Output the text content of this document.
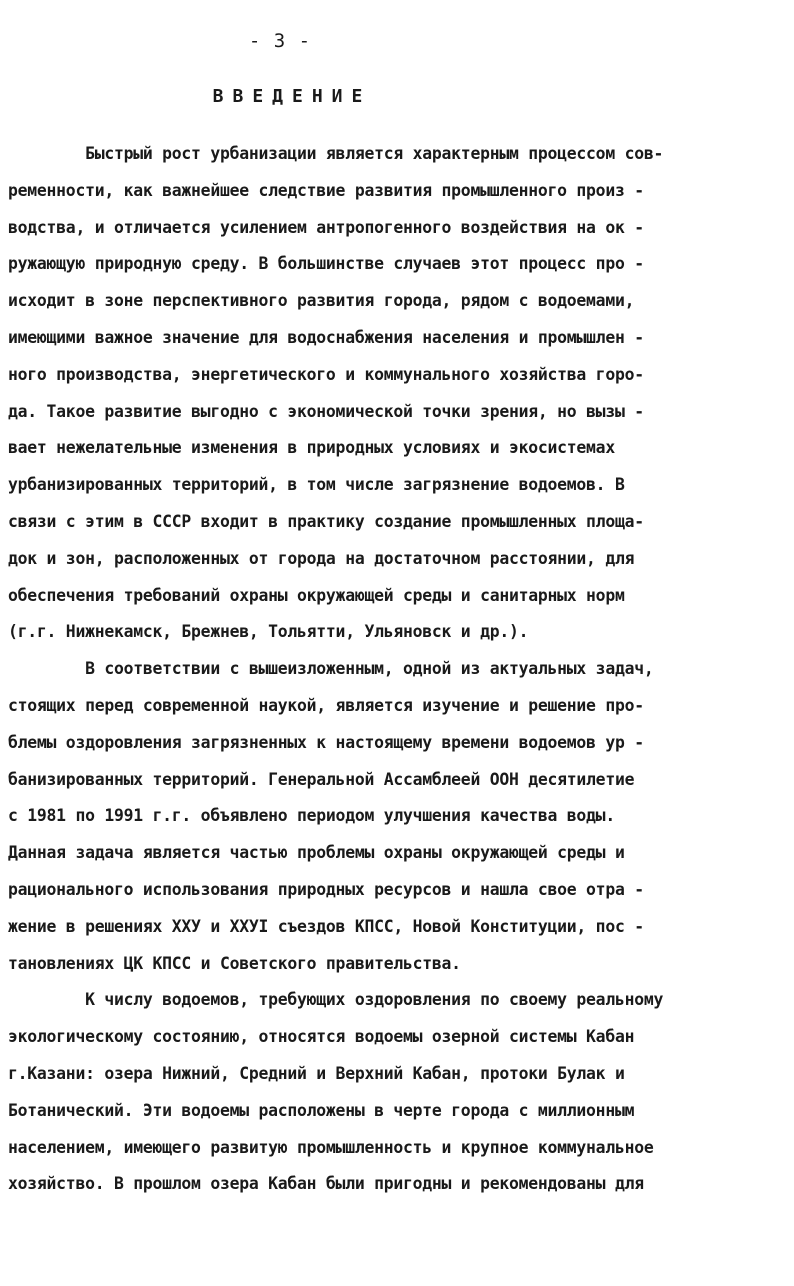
- 3 -
ВВЕДЕНИЕ
Быстрый рост урбанизации является характерным процессом сов-
ременности, как важнейшее следствие развития промышленного произ -
водства, и отличается усилением антропогенного воздействия на ок -
ружающую природную среду. В большинстве случаев этот процесс про -
исходит в зоне перспективного развития города, рядом с водоемами,
имеющими важное значение для водоснабжения населения и промышлен -
ного производства, энергетического и коммунального хозяйства горо-
да. Такое развитие выгодно с экономической точки зрения, но вызы -
вает нежелательные изменения в природных условиях и экосистемах
урбанизированных территорий, в том числе загрязнение водоемов. В
связи с этим в СССР входит в практику создание промышленных площа-
док и зон, расположенных от города на достаточном расстоянии, для
обеспечения требований охраны окружающей среды и санитарных норм
(г.г. Нижнекамск, Брежнев, Тольятти, Ульяновск и др.).
В соответствии с вышеизложенным, одной из актуальных задач,
стоящих перед современной наукой, является изучение и решение про-
блемы оздоровления загрязненных к настоящему времени водоемов ур -
банизированных территорий. Генеральной Ассамблеей ООН десятилетие
с 1981 по 1991 г.г. объявлено периодом улучшения качества воды.
Данная задача является частью проблемы охраны окружающей среды и
рационального использования природных ресурсов и нашла свое отра -
жение в решениях ХХУ и ХХУI съездов КПСС, Новой Конституции, пос -
тановлениях ЦК КПСС и Советского правительства.
К числу водоемов, требующих оздоровления по своему реальному
экологическому состоянию, относятся водоемы озерной системы Кабан
г.Казани: озера Нижний, Средний и Верхний Кабан, протоки Булак и
Ботанический. Эти водоемы расположены в черте города с миллионным
населением, имеющего развитую промышленность и крупное коммунальное
хозяйство. В прошлом озера Кабан были пригодны и рекомендованы для
